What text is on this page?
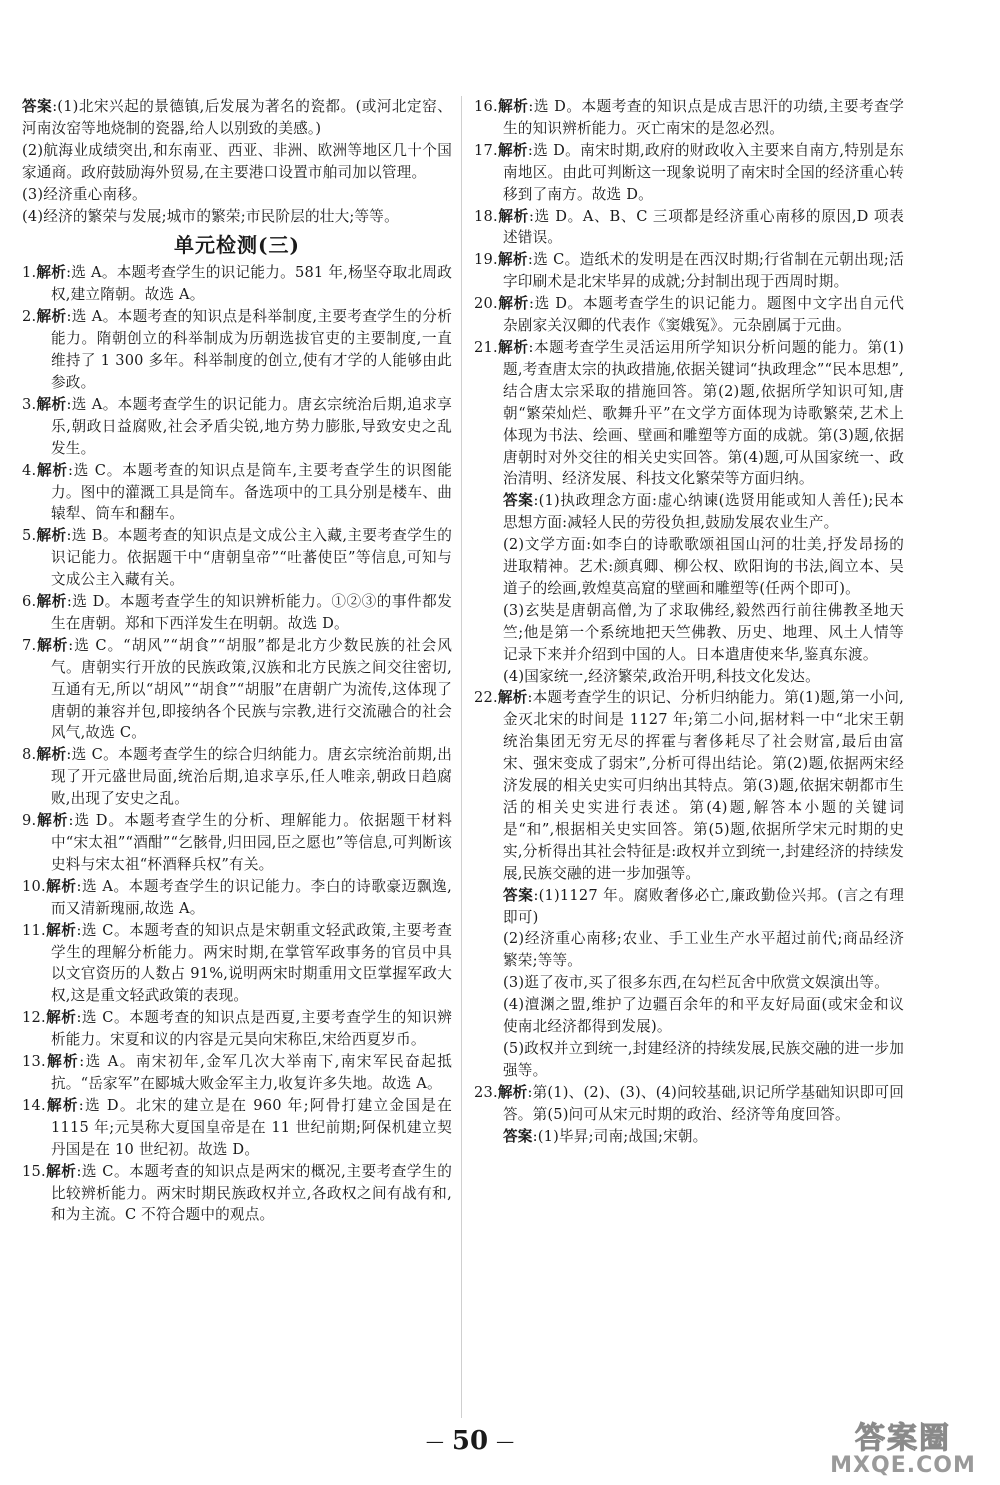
答案:(1)北宋兴起的景德镇,后发展为著名的瓷都。(或河北定窑、河南汝窑等地烧制的瓷器,给人以别致的美感。)

(2)航海业成绩突出,和东南亚、西亚、非洲、欧洲等地区几十个国家通商。政府鼓励海外贸易,在主要港口设置市舶司加以管理。

(3)经济重心南移。

(4)经济的繁荣与发展;城市的繁荣;市民阶层的壮大;等等。

单元检测(三)

1.解析:选 A。本题考查学生的识记能力。581 年,杨坚夺取北周政权,建立隋朝。故选 A。

2.解析:选 A。本题考查的知识点是科举制度,主要考查学生的分析能力。隋朝创立的科举制成为历朝选拔官吏的主要制度,一直维持了 1 300 多年。科举制度的创立,使有才学的人能够由此参政。

3.解析:选 A。本题考查学生的识记能力。唐玄宗统治后期,追求享乐,朝政日益腐败,社会矛盾尖锐,地方势力膨胀,导致安史之乱发生。

4.解析:选 C。本题考查的知识点是筒车,主要考查学生的识图能力。图中的灌溉工具是筒车。备选项中的工具分别是楼车、曲辕犁、筒车和翻车。

5.解析:选 B。本题考查的知识点是文成公主入藏,主要考查学生的识记能力。依据题干中“唐朝皇帝”“吐蕃使臣”等信息,可知与文成公主入藏有关。

6.解析:选 D。本题考查学生的知识辨析能力。①②③的事件都发生在唐朝。郑和下西洋发生在明朝。故选 D。

7.解析:选 C。“胡风”“胡食”“胡服”都是北方少数民族的社会风气。唐朝实行开放的民族政策,汉族和北方民族之间交往密切,互通有无,所以“胡风”“胡食”“胡服”在唐朝广为流传,这体现了唐朝的兼容并包,即接纳各个民族与宗教,进行交流融合的社会风气,故选 C。

8.解析:选 C。本题考查学生的综合归纳能力。唐玄宗统治前期,出现了开元盛世局面,统治后期,追求享乐,任人唯亲,朝政日趋腐败,出现了安史之乱。

9.解析:选 D。本题考查学生的分析、理解能力。依据题干材料中“宋太祖”“酒酣”“乞骸骨,归田园,臣之愿也”等信息,可判断该史料与宋太祖“杯酒释兵权”有关。

10.解析:选 A。本题考查学生的识记能力。李白的诗歌豪迈飘逸,而又清新瑰丽,故选 A。

11.解析:选 C。本题考查的知识点是宋朝重文轻武政策,主要考查学生的理解分析能力。两宋时期,在掌管军政事务的官员中具以文官资历的人数占 91%,说明两宋时期重用文臣掌握军政大权,这是重文轻武政策的表现。

12.解析:选 C。本题考查的知识点是西夏,主要考查学生的知识辨析能力。宋夏和议的内容是元昊向宋称臣,宋给西夏岁币。

13.解析:选 A。南宋初年,金军几次大举南下,南宋军民奋起抵抗。“岳家军”在郾城大败金军主力,收复许多失地。故选 A。

14.解析:选 D。北宋的建立是在 960 年;阿骨打建立金国是在 1115 年;元昊称大夏国皇帝是在 11 世纪前期;阿保机建立契丹国是在 10 世纪初。故选 D。

15.解析:选 C。本题考查的知识点是两宋的概况,主要考查学生的比较辨析能力。两宋时期民族政权并立,各政权之间有战有和,和为主流。C 不符合题中的观点。

16.解析:选 D。本题考查的知识点是成吉思汗的功绩,主要考查学生的知识辨析能力。灭亡南宋的是忽必烈。

17.解析:选 D。南宋时期,政府的财政收入主要来自南方,特别是东南地区。由此可判断这一现象说明了南宋时全国的经济重心转移到了南方。故选 D。

18.解析:选 D。A、B、C 三项都是经济重心南移的原因,D 项表述错误。

19.解析:选 C。造纸术的发明是在西汉时期;行省制在元朝出现;活字印刷术是北宋毕昇的成就;分封制出现于西周时期。

20.解析:选 D。本题考查学生的识记能力。题图中文字出自元代杂剧家关汉卿的代表作《窦娥冤》。元杂剧属于元曲。

21.解析:本题考查学生灵活运用所学知识分析问题的能力。第(1)题,考查唐太宗的执政措施,依据关键词“执政理念”“民本思想”,结合唐太宗采取的措施回答。第(2)题,依据所学知识可知,唐朝“繁荣灿烂、歌舞升平”在文学方面体现为诗歌繁荣,艺术上体现为书法、绘画、壁画和雕塑等方面的成就。第(3)题,依据唐朝时对外交往的相关史实回答。第(4)题,可从国家统一、政治清明、经济发展、科技文化繁荣等方面归纳。

答案:(1)执政理念方面:虚心纳谏(选贤用能或知人善任);民本思想方面:减轻人民的劳役负担,鼓励发展农业生产。

(2)文学方面:如李白的诗歌歌颂祖国山河的壮美,抒发昂扬的进取精神。艺术:颜真卿、柳公权、欧阳询的书法,阎立本、吴道子的绘画,敦煌莫高窟的壁画和雕塑等(任两个即可)。

(3)玄奘是唐朝高僧,为了求取佛经,毅然西行前往佛教圣地天竺;他是第一个系统地把天竺佛教、历史、地理、风土人情等记录下来并介绍到中国的人。日本遣唐使来华,鉴真东渡。

(4)国家统一,经济繁荣,政治开明,科技文化发达。

22.解析:本题考查学生的识记、分析归纳能力。第(1)题,第一小问,金灭北宋的时间是 1127 年;第二小问,据材料一中“北宋王朝统治集团无穷无尽的挥霍与奢侈耗尽了社会财富,最后由富宋、强宋变成了弱宋”,分析可得出结论。第(2)题,依据两宋经济发展的相关史实可归纳出其特点。第(3)题,依据宋朝都市生活的相关史实进行表述。第(4)题,解答本小题的关键词是“和”,根据相关史实回答。第(5)题,依据所学宋元时期的史实,分析得出其社会特征是:政权并立到统一,封建经济的持续发展,民族交融的进一步加强等。

答案:(1)1127 年。腐败奢侈必亡,廉政勤俭兴邦。(言之有理即可)

(2)经济重心南移;农业、手工业生产水平超过前代;商品经济繁荣;等等。

(3)逛了夜市,买了很多东西,在勾栏瓦舍中欣赏文娱演出等。

(4)澶渊之盟,维护了边疆百余年的和平友好局面(或宋金和议使南北经济都得到发展)。

(5)政权并立到统一,封建经济的持续发展,民族交融的进一步加强等。

23.解析:第(1)、(2)、(3)、(4)问较基础,识记所学基础知识即可回答。第(5)问可从宋元时期的政治、经济等角度回答。

答案:(1)毕昇;司南;战国;宋朝。

— 50 —	答案圈
MXQE.COM
